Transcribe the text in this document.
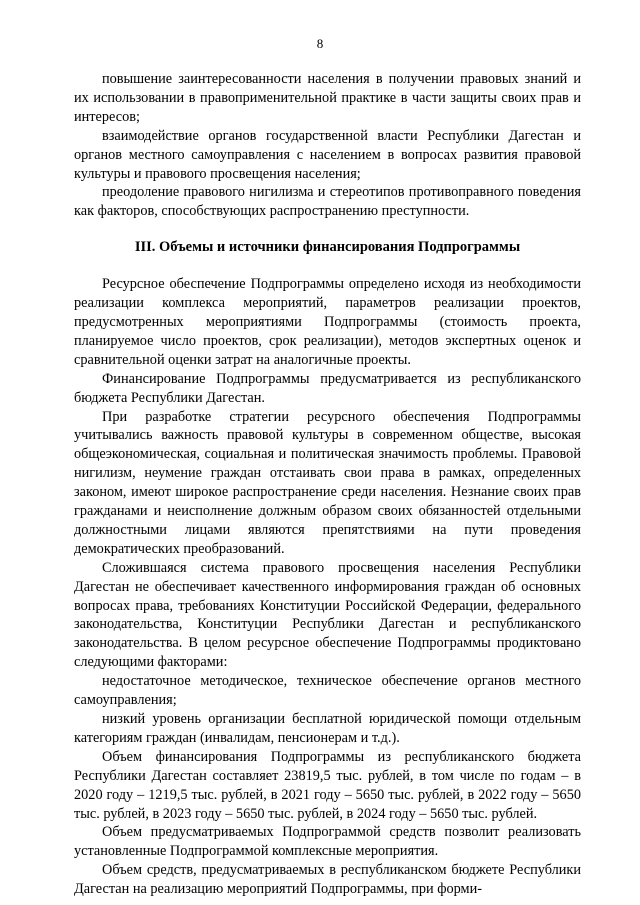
8

повышение заинтересованности населения в получении правовых знаний и их использовании в правоприменительной практике в части защиты своих прав и интересов;

взаимодействие органов государственной власти Республики Дагестан и органов местного самоуправления с населением в вопросах развития правовой культуры и правового просвещения населения;

преодоление правового нигилизма и стереотипов противоправного поведения как факторов, способствующих распространению преступности.

III. Объемы и источники финансирования Подпрограммы

Ресурсное обеспечение Подпрограммы определено исходя из необходимости реализации комплекса мероприятий, параметров реализации проектов, предусмотренных мероприятиями Подпрограммы (стоимость проекта, планируемое число проектов, срок реализации), методов экспертных оценок и сравнительной оценки затрат на аналогичные проекты.

Финансирование Подпрограммы предусматривается из республиканского бюджета Республики Дагестан.

При разработке стратегии ресурсного обеспечения Подпрограммы учитывались важность правовой культуры в современном обществе, высокая общеэкономическая, социальная и политическая значимость проблемы. Правовой нигилизм, неумение граждан отстаивать свои права в рамках, определенных законом, имеют широкое распространение среди населения. Незнание своих прав гражданами и неисполнение должным образом своих обязанностей отдельными должностными лицами являются препятствиями на пути проведения демократических преобразований.

Сложившаяся система правового просвещения населения Республики Дагестан не обеспечивает качественного информирования граждан об основных вопросах права, требованиях Конституции Российской Федерации, федерального законодательства, Конституции Республики Дагестан и республиканского законодательства. В целом ресурсное обеспечение Подпрограммы продиктовано следующими факторами:

недостаточное методическое, техническое обеспечение органов местного самоуправления;

низкий уровень организации бесплатной юридической помощи отдельным категориям граждан (инвалидам, пенсионерам и т.д.).

Объем финансирования Подпрограммы из республиканского бюджета Республики Дагестан составляет 23819,5 тыс. рублей, в том числе по годам – в 2020 году – 1219,5 тыс. рублей, в 2021 году – 5650 тыс. рублей, в 2022 году – 5650 тыс. рублей, в 2023 году – 5650 тыс. рублей, в 2024 году – 5650 тыс. рублей.

Объем предусматриваемых Подпрограммой средств позволит реализовать установленные Подпрограммой комплексные мероприятия.

Объем средств, предусматриваемых в республиканском бюджете Республики Дагестан на реализацию мероприятий Подпрограммы, при форми-
